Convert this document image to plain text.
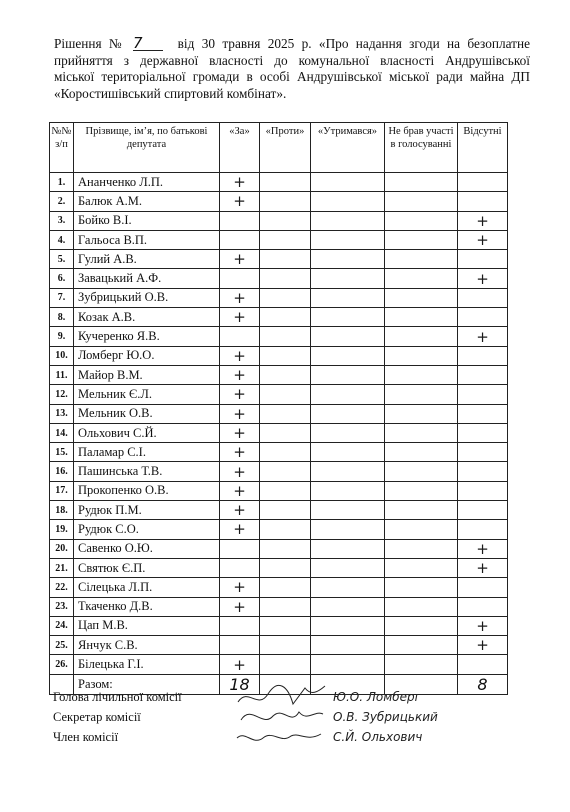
Рішення № 7	від 30 травня 2025 р. «Про надання згоди на безоплатне
прийняття з державної власності до комунальної власності Андрушівської
міської територіальної громади в особі Андрушівської міської ради майна ДП
«Коростишівський спиртовий комбінат».
№№ з/п	Прізвище, ім’я, по батькові депутата	«За»	«Проти»	«Утримався»	Не брав участі в голосуванні	Відсутні
1.	Ананченко Л.П.	+				

2.	Балюк А.М.	+				

3.	Бойко В.І.					+

4.	Гальоса В.П.					+

5.	Гулий А.В.	+				

6.	Завацький А.Ф.					+

7.	Зубрицький О.В.	+				

8.	Козак А.В.	+				

9.	Кучеренко Я.В.					+

10.	Ломберг Ю.О.	+				

11.	Майор В.М.	+				

12.	Мельник Є.Л.	+				

13.	Мельник О.В.	+				

14.	Ольхович С.Й.	+				

15.	Паламар С.І.	+				

16.	Пашинська Т.В.	+				

17.	Прокопенко О.В.	+				

18.	Рудюк П.М.	+				

19.	Рудюк С.О.	+				

20.	Савенко О.Ю.					+

21.	Святюк Є.П.					+

22.	Сілецька Л.П.	+				

23.	Ткаченко Д.В.	+				

24.	Цап М.В.					+

25.	Янчук С.В.					+

26.	Білецька Г.І.	+				

	Разом:	18				8
Голова лічильної комісії	Ю.О. Ломберг
Секретар комісії	О.В. Зубрицький
Член комісії	С.Й. Ольхович
